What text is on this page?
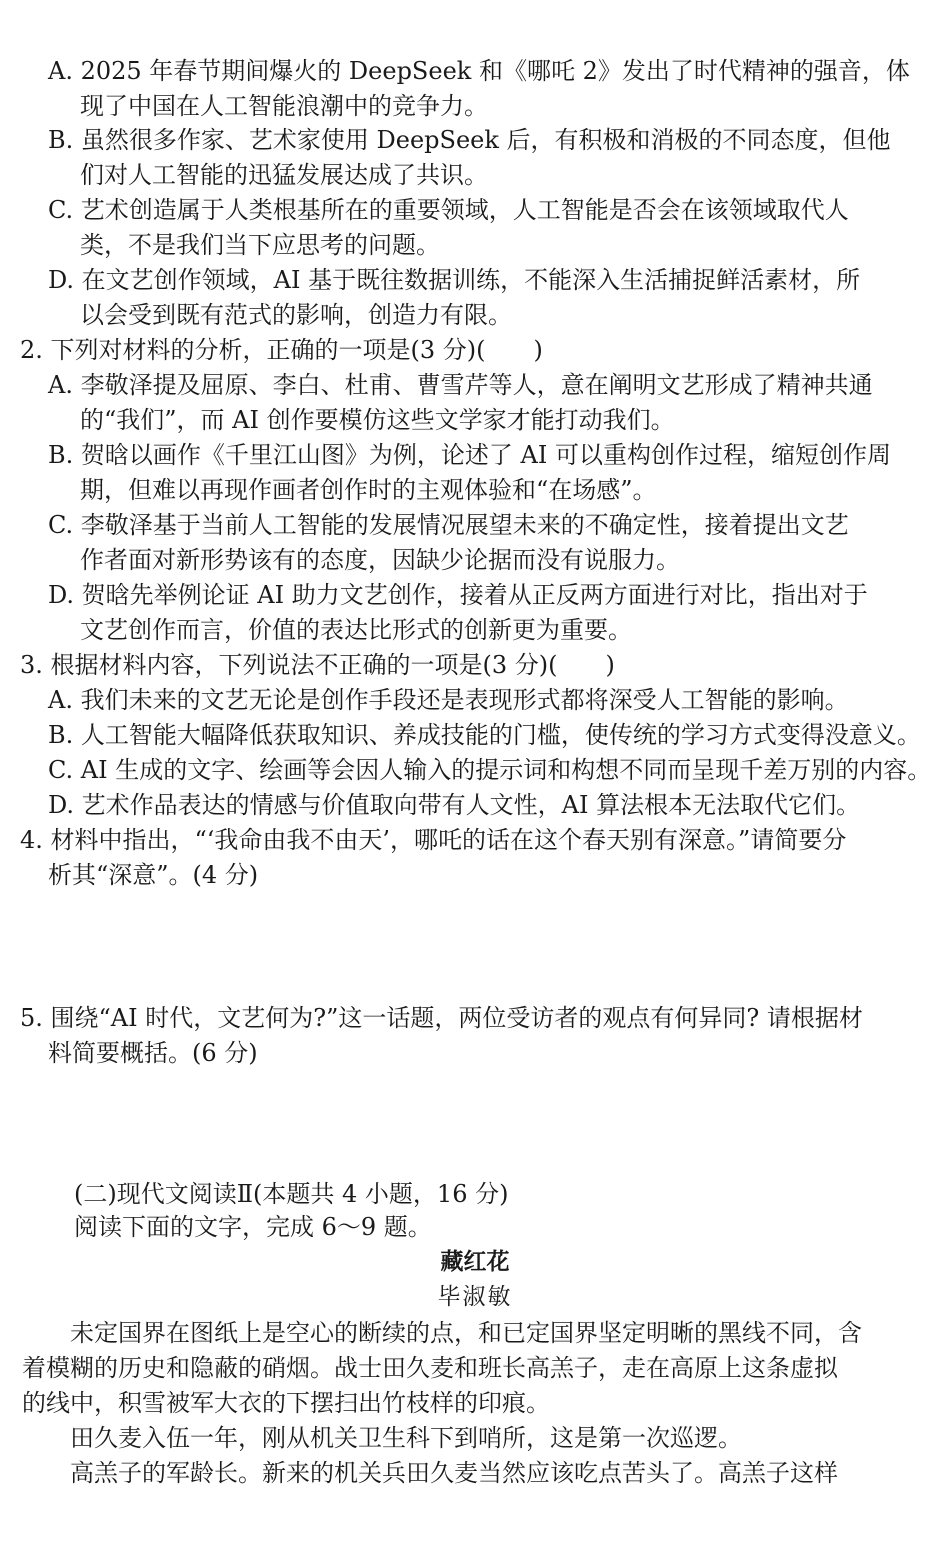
A. 2025 年春节期间爆火的 DeepSeek 和《哪吒 2》发出了时代精神的强音，体
现了中国在人工智能浪潮中的竞争力。
B. 虽然很多作家、艺术家使用 DeepSeek 后，有积极和消极的不同态度，但他
们对人工智能的迅猛发展达成了共识。
C. 艺术创造属于人类根基所在的重要领域，人工智能是否会在该领域取代人
类，不是我们当下应思考的问题。
D. 在文艺创作领域，AI 基于既往数据训练，不能深入生活捕捉鲜活素材，所
以会受到既有范式的影响，创造力有限。
2. 下列对材料的分析，正确的一项是(3 分)(　　)
A. 李敬泽提及屈原、李白、杜甫、曹雪芹等人，意在阐明文艺形成了精神共通
的“我们”，而 AI 创作要模仿这些文学家才能打动我们。
B. 贺晗以画作《千里江山图》为例，论述了 AI 可以重构创作过程，缩短创作周
期，但难以再现作画者创作时的主观体验和“在场感”。
C. 李敬泽基于当前人工智能的发展情况展望未来的不确定性，接着提出文艺
作者面对新形势该有的态度，因缺少论据而没有说服力。
D. 贺晗先举例论证 AI 助力文艺创作，接着从正反两方面进行对比，指出对于
文艺创作而言，价值的表达比形式的创新更为重要。
3. 根据材料内容，下列说法不正确的一项是(3 分)(　　)
A. 我们未来的文艺无论是创作手段还是表现形式都将深受人工智能的影响。
B. 人工智能大幅降低获取知识、养成技能的门槛，使传统的学习方式变得没意义。
C. AI 生成的文字、绘画等会因人输入的提示词和构想不同而呈现千差万别的内容。
D. 艺术作品表达的情感与价值取向带有人文性，AI 算法根本无法取代它们。
4. 材料中指出，“‘我命由我不由天’，哪吒的话在这个春天别有深意。”请简要分
析其“深意”。(4 分)
5. 围绕“AI 时代，文艺何为?”这一话题，两位受访者的观点有何异同? 请根据材
料简要概括。(6 分)
(二)现代文阅读Ⅱ(本题共 4 小题，16 分)
阅读下面的文字，完成 6～9 题。
藏红花
毕淑敏
　　未定国界在图纸上是空心的断续的点，和已定国界坚定明晰的黑线不同，含
着模糊的历史和隐蔽的硝烟。战士田久麦和班长高羔子，走在高原上这条虚拟
的线中，积雪被军大衣的下摆扫出竹枝样的印痕。
　　田久麦入伍一年，刚从机关卫生科下到哨所，这是第一次巡逻。
　　高羔子的军龄长。新来的机关兵田久麦当然应该吃点苦头了。高羔子这样
